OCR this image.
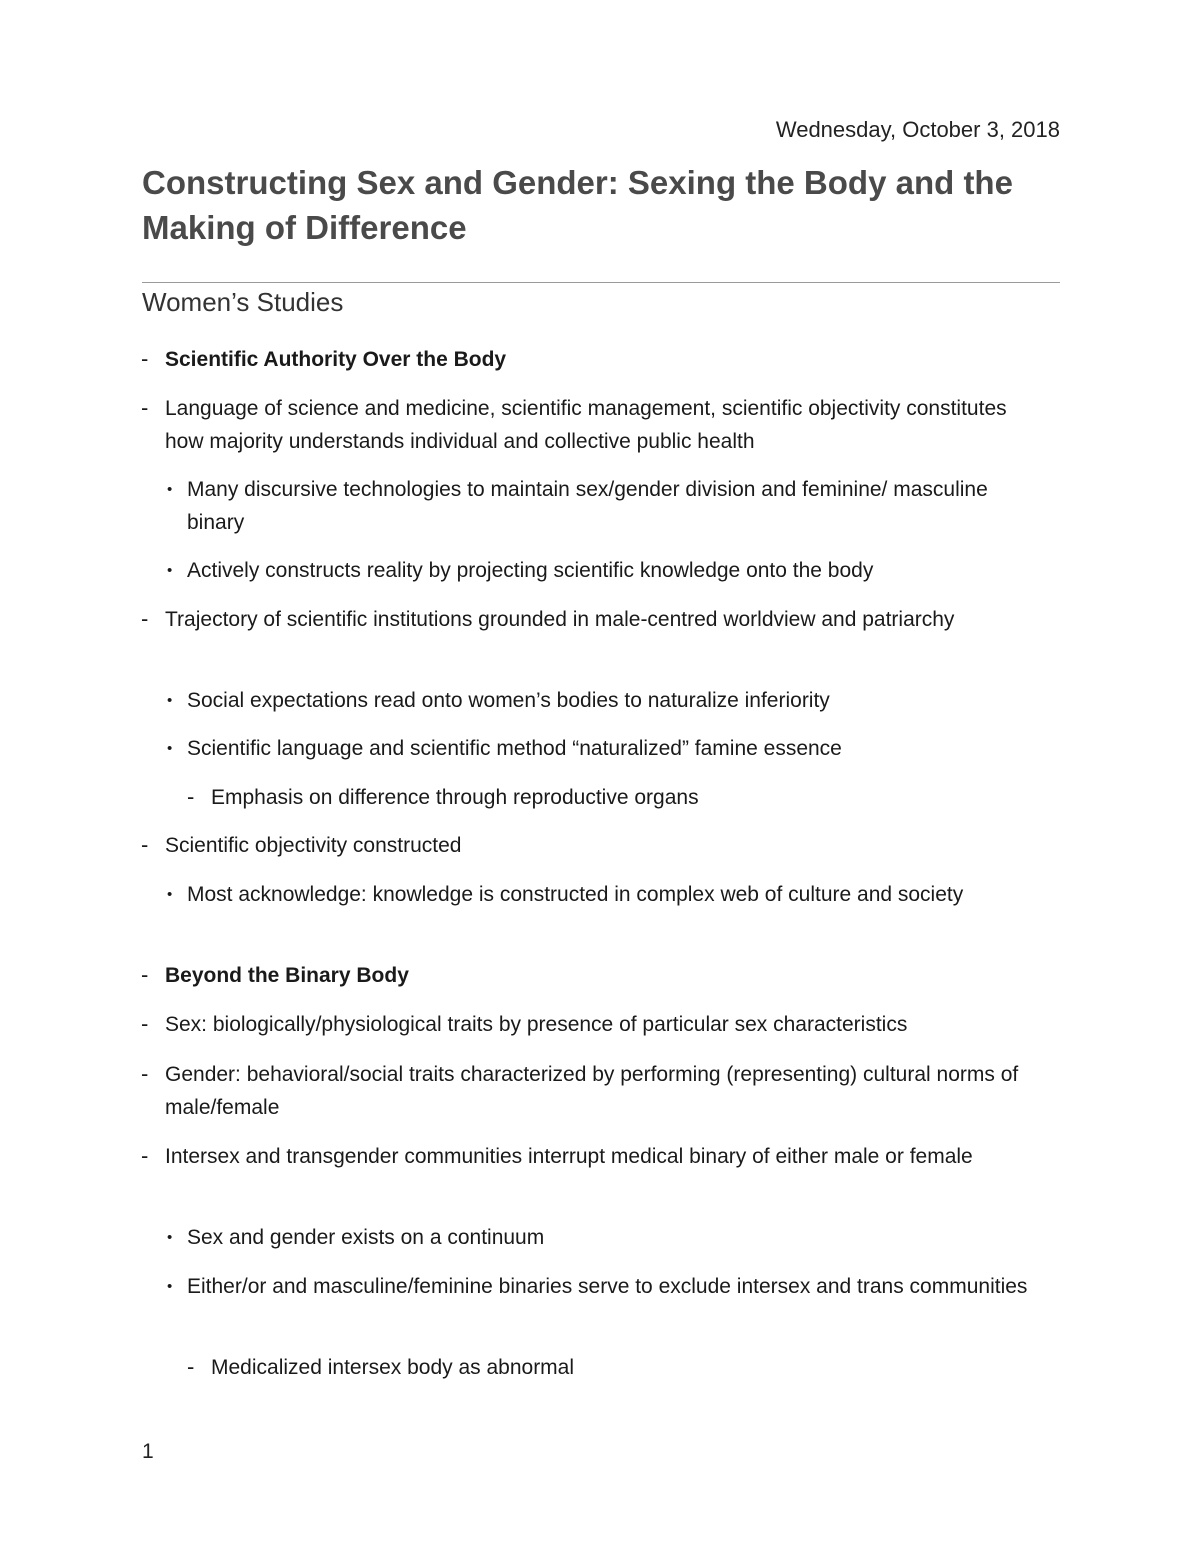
Wednesday, October 3, 2018
Constructing Sex and Gender: Sexing the Body and the Making of Difference
Women’s Studies
- Scientific Authority Over the Body
- Language of science and medicine, scientific management, scientific objectivity constitutes how majority understands individual and collective public health
• Many discursive technologies to maintain sex/gender division and feminine/ masculine binary
• Actively constructs reality by projecting scientific knowledge onto the body
- Trajectory of scientific institutions grounded in male-centred worldview and patriarchy
• Social expectations read onto women’s bodies to naturalize inferiority
• Scientific language and scientific method “naturalized” famine essence
- Emphasis on difference through reproductive organs
- Scientific objectivity constructed
• Most acknowledge: knowledge is constructed in complex web of culture and society
- Beyond the Binary Body
- Sex: biologically/physiological traits by presence of particular sex characteristics
- Gender: behavioral/social traits characterized by performing (representing) cultural norms of male/female
- Intersex and transgender communities interrupt medical binary of either male or female
• Sex and gender exists on a continuum
• Either/or and masculine/feminine binaries serve to exclude intersex and trans communities
- Medicalized intersex body as abnormal
1
